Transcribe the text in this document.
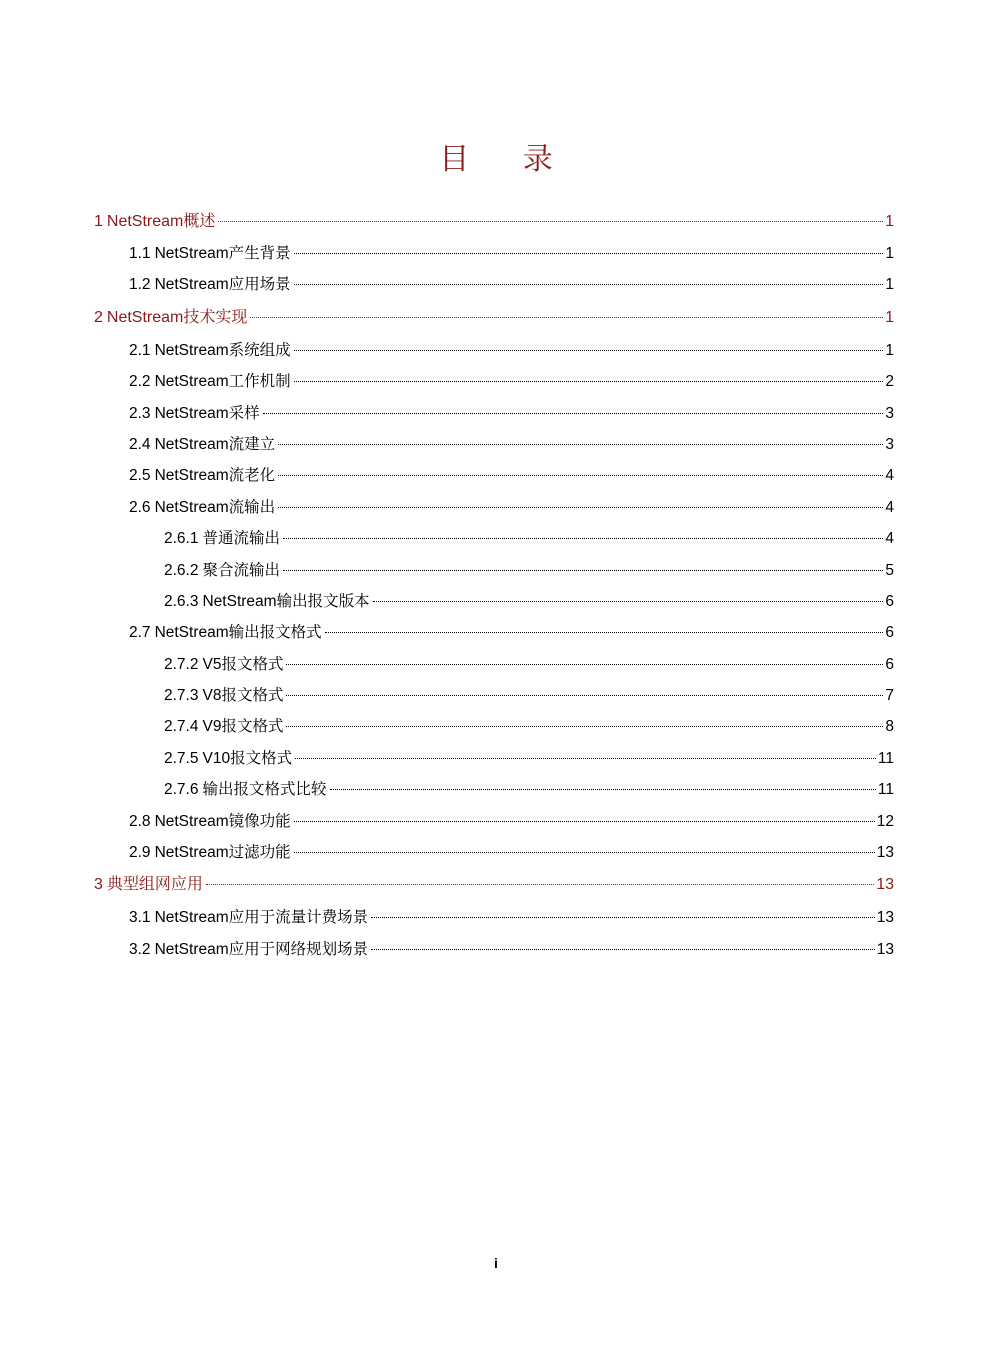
目 录
1 NetStream概述	1
1.1 NetStream产生背景	1
1.2 NetStream应用场景	1
2 NetStream技术实现	1
2.1 NetStream系统组成	1
2.2 NetStream工作机制	2
2.3 NetStream采样	3
2.4 NetStream流建立	3
2.5 NetStream流老化	4
2.6 NetStream流输出	4
2.6.1 普通流输出	4
2.6.2 聚合流输出	5
2.6.3 NetStream输出报文版本	6
2.7 NetStream输出报文格式	6
2.7.2 V5报文格式	6
2.7.3 V8报文格式	7
2.7.4 V9报文格式	8
2.7.5 V10报文格式	11
2.7.6 输出报文格式比较	11
2.8 NetStream镜像功能	12
2.9 NetStream过滤功能	13
3 典型组网应用	13
3.1 NetStream应用于流量计费场景	13
3.2 NetStream应用于网络规划场景	13
i
